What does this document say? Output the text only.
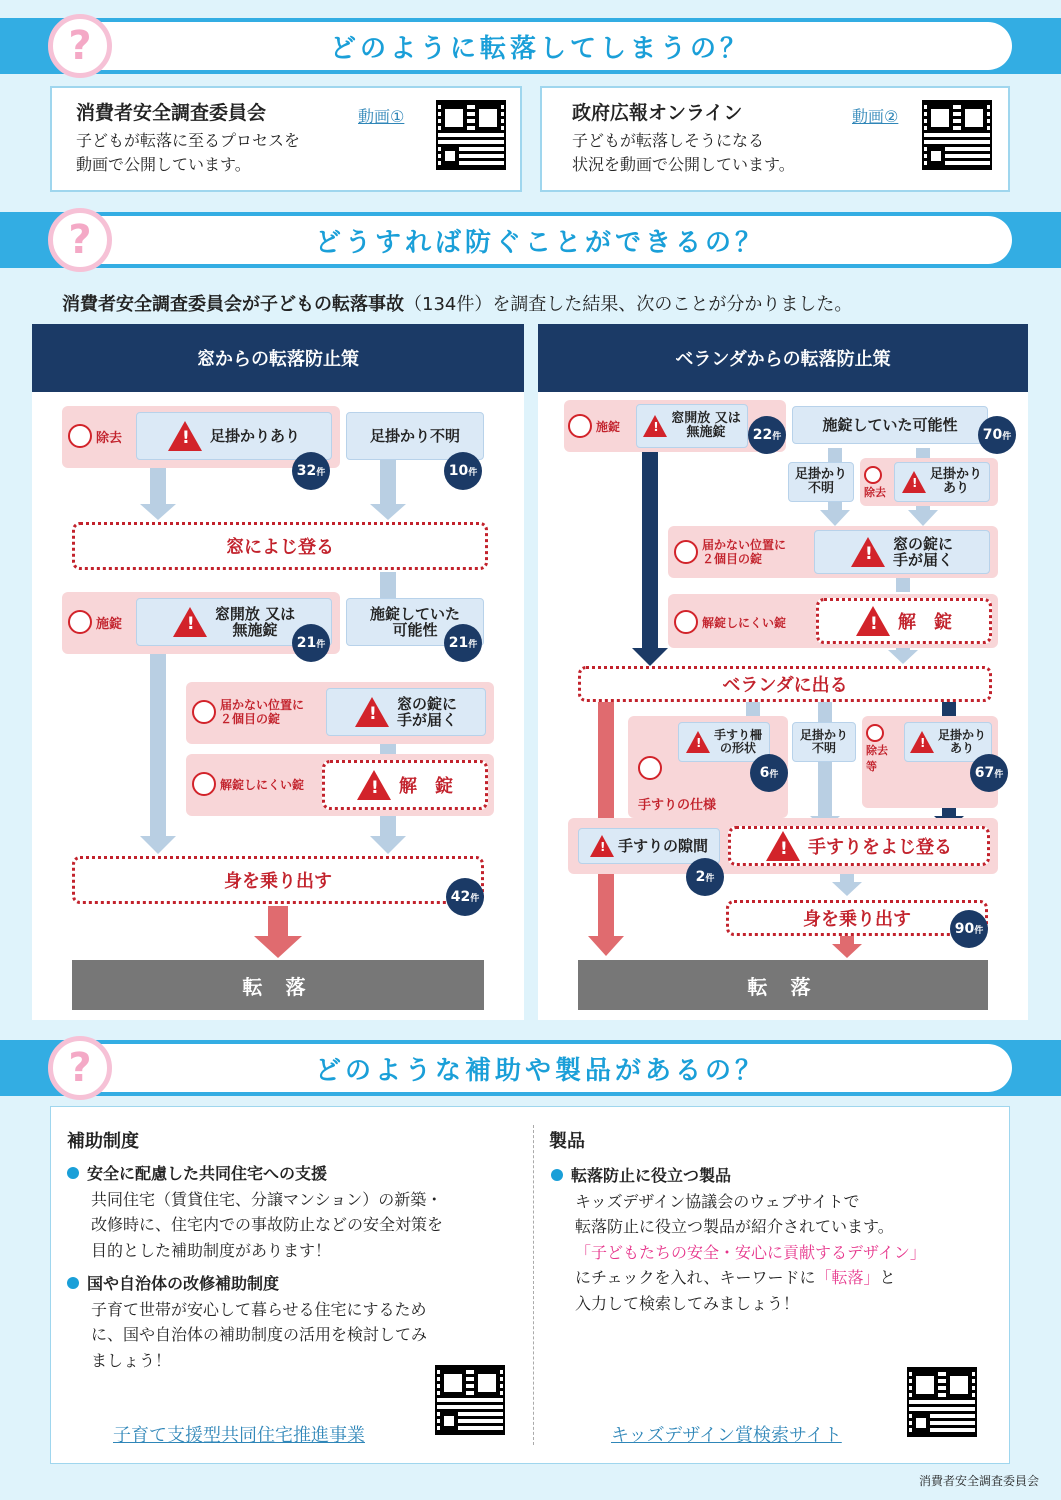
どのように転落してしまうの？
?
消費者安全調査委員会
子どもが転落に至るプロセスを
動画で公開しています。
動画①	政府広報オンライン
子どもが転落しそうになる
状況を動画で公開しています。
動画②
どうすれば防ぐことができるの？
?
消費者安全調査委員会が子どもの転落事故（134件）を調査した結果、次のことが分かりました。
窓からの転落防止策
除去 !	足掛かりあり
32 件
足掛かり不明
10 件
窓によじ登る
施錠
!
窓開放 又は
無施錠
21 件
施錠していた
可能性
21 件
届かない位置に
２個目の錠
!
窓の錠に
手が届く
解錠しにくい錠 !	解　錠
身を乗り出す
42 件
転 落
ベランダからの転落防止策
施錠
!
窓開放 又は
無施錠	22 件
施錠していた可能性
70 件
足掛かり
不明	除去
!
足掛かり
あり
届かない位置に
２個目の錠
!
窓の錠に
手が届く
解錠しにくい錠 !	解　錠
ベランダに出る
手すりの仕様
!
手すり柵
の形状
6 件
足掛かり
不明	除去
等
!
足掛かり
あり
67 件
!
手すりの隙間
2 件
!
手すりをよじ登る
身を乗り出す	90 件
転 落
どのような補助や製品があるの？
?
補助制度
安全に配慮した共同住宅への支援
共同住宅（賃貸住宅、分譲マンション）の新築・
改修時に、住宅内での事故防止などの安全対策を
目的とした補助制度があります！
国や自治体の改修補助制度
子育て世帯が安心して暮らせる住宅にするため
に、国や自治体の補助制度の活用を検討してみ
ましょう！
子育て支援型共同住宅推進事業
製品
転落防止に役立つ製品
キッズデザイン協議会のウェブサイトで
転落防止に役立つ製品が紹介されています。
「子どもたちの安全・安心に貢献するデザイン」
にチェックを入れ、キーワードに「転落」と
入力して検索してみましょう！
キッズデザイン賞検索サイト
消費者安全調査委員会
